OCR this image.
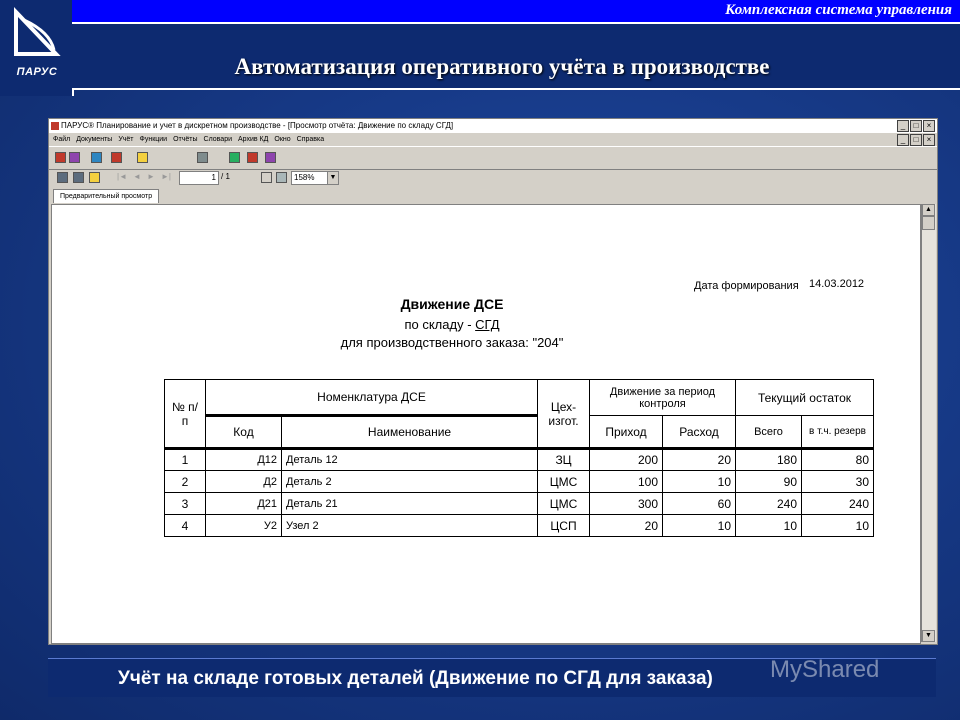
ПАРУС
Комплексная система управления
Автоматизация оперативного учёта в производстве
ПАРУС® Планирование и учет в дискретном производстве - [Просмотр отчёта: Движение по складу СГД]	_	□	×
Файл Документы Учёт Функции Отчёты Словари Архив КД Окно Справка	_	□	×
|◄ ◄ ► ►|	1 / 1	158%	▼
Предварительный просмотр
Дата формирования 14.03.2012
Движение ДСЕ
по складу - СГД
для производственного заказа: "204"
№ п/п	Номенклатура ДСЕ		Цех-изгот.	Движение за период контроля		Текущий остаток	
	Код	Наименование		Приход	Расход	Всего	в т.ч. резерв
1	Д12	Деталь 12	ЗЦ	200	20	180	80
2	Д2	Деталь 2	ЦМС	100	10	90	30
3	Д21	Деталь 21	ЦМС	300	60	240	240
4	У2	Узел 2	ЦСП	20	10	10	10
▲
▼
Учёт на складе готовых деталей (Движение по СГД для заказа) MyShared
